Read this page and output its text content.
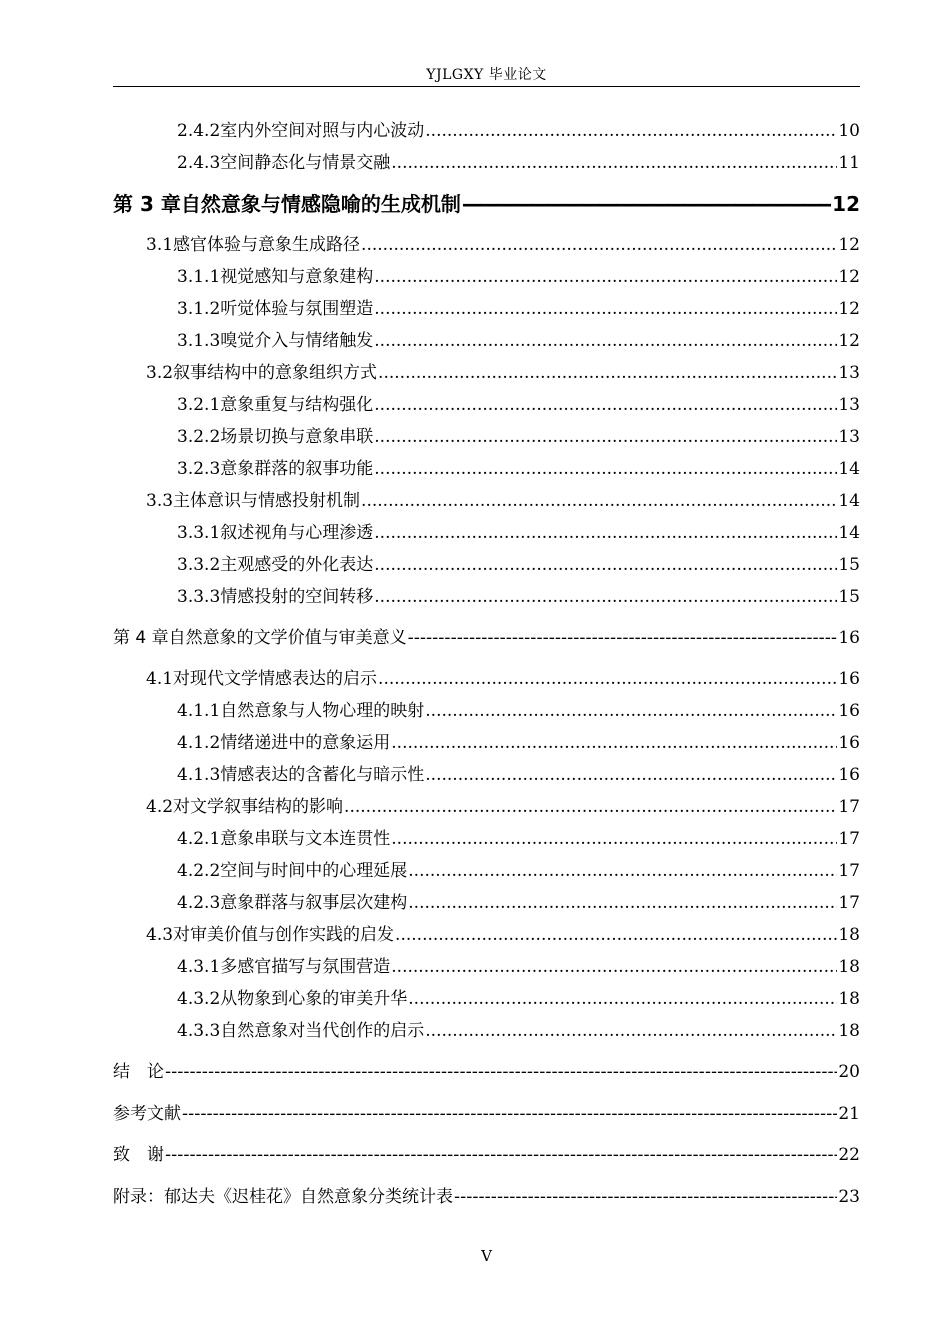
YJLGXY 毕业论文
2.4.2 室内外空间对照与内心波动 .....	10
2.4.3 空间静态化与情景交融 .....	11
第 3 章 自然意象与情感隐喻的生成机制 —————	12
3.1 感官体验与意象生成路径 .....	12
3.1.1 视觉感知与意象建构 .....	12
3.1.2 听觉体验与氛围塑造 .....	12
3.1.3 嗅觉介入与情绪触发 .....	12
3.2 叙事结构中的意象组织方式 .....	13
3.2.1 意象重复与结构强化 .....	13
3.2.2 场景切换与意象串联 .....	13
3.2.3 意象群落的叙事功能 .....	14
3.3 主体意识与情感投射机制 .....	14
3.3.1 叙述视角与心理渗透 .....	14
3.3.2 主观感受的外化表达 .....	15
3.3.3 情感投射的空间转移 .....	15
第 4 章 自然意象的文学价值与审美意义 -----	16
4.1 对现代文学情感表达的启示 .....	16
4.1.1 自然意象与人物心理的映射 .....	16
4.1.2 情绪递进中的意象运用 .....	16
4.1.3 情感表达的含蓄化与暗示性 .....	16
4.2 对文学叙事结构的影响 .....	17
4.2.1 意象串联与文本连贯性 .....	17
4.2.2 空间与时间中的心理延展 .....	17
4.2.3 意象群落与叙事层次建构 .....	17
4.3 对审美价值与创作实践的启发 .....	18
4.3.1 多感官描写与氛围营造 .....	18
4.3.2 从物象到心象的审美升华 .....	18
4.3.3 自然意象对当代创作的启示 .....	18
结　论 -----	20
参考文献 -----	21
致　谢 -----	22
附录：郁达夫《迟桂花》自然意象分类统计表 -----	23
V
